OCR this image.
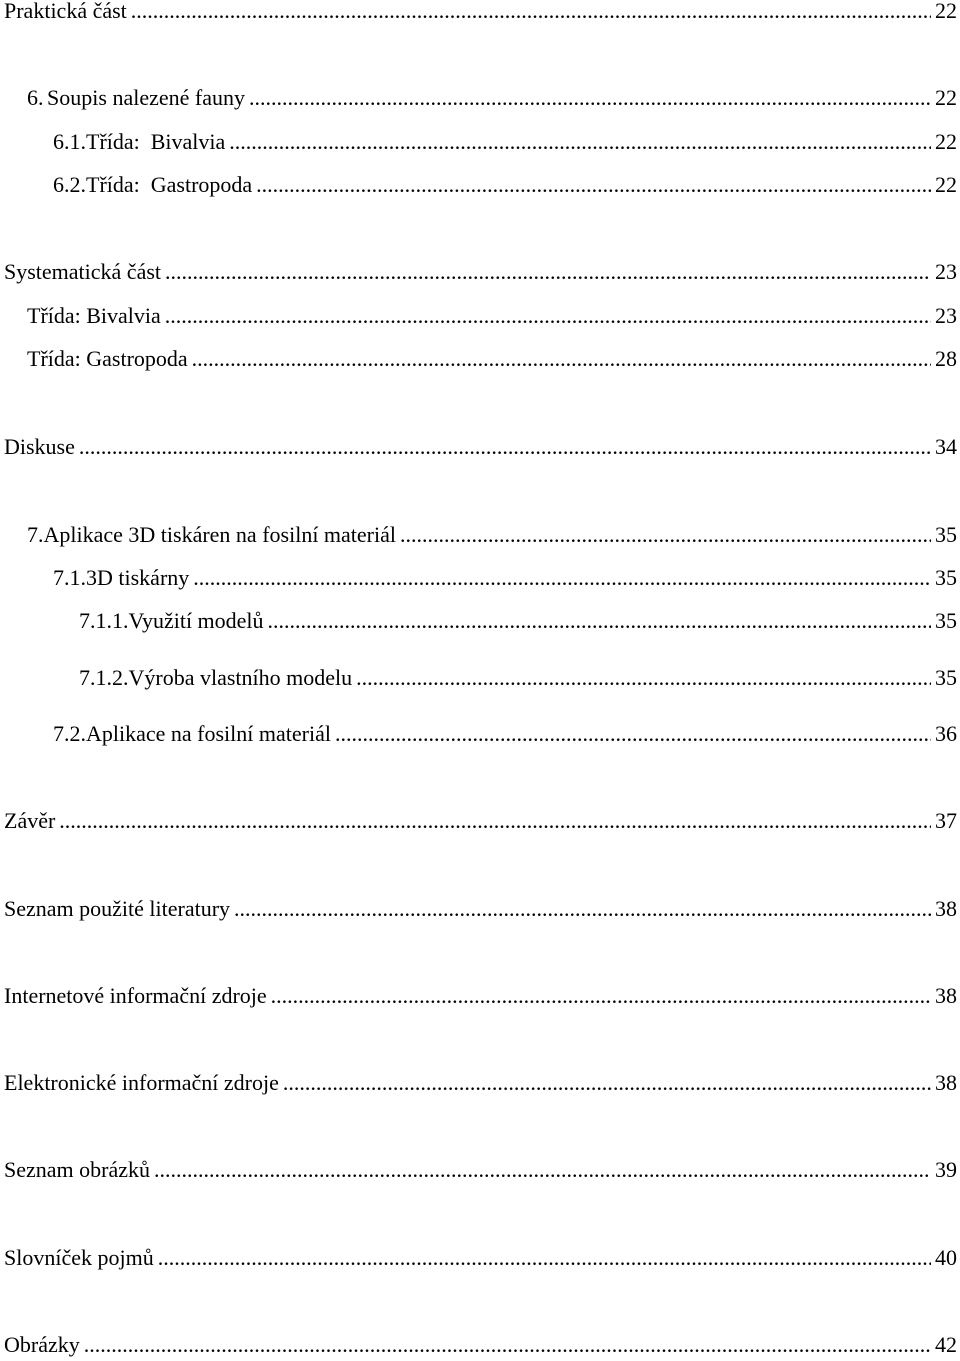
Praktická část .....	22
6. Soupis nalezené fauny .....	22
6.1. Třída:  Bivalvia .....	22
6.2. Třída:  Gastropoda .....	22
Systematická část .....	23
Třída: Bivalvia .....	23
Třída: Gastropoda .....	28
Diskuse .....	34
7. Aplikace 3D tiskáren na fosilní materiál .....	35
7.1. 3D tiskárny .....	35
7.1.1. Využití modelů .....	35
7.1.2. Výroba vlastního modelu .....	35
7.2. Aplikace na fosilní materiál .....	36
Závěr .....	37
Seznam použité literatury .....	38
Internetové informační zdroje .....	38
Elektronické informační zdroje .....	38
Seznam obrázků .....	39
Slovníček pojmů .....	40
Obrázky .....	42
